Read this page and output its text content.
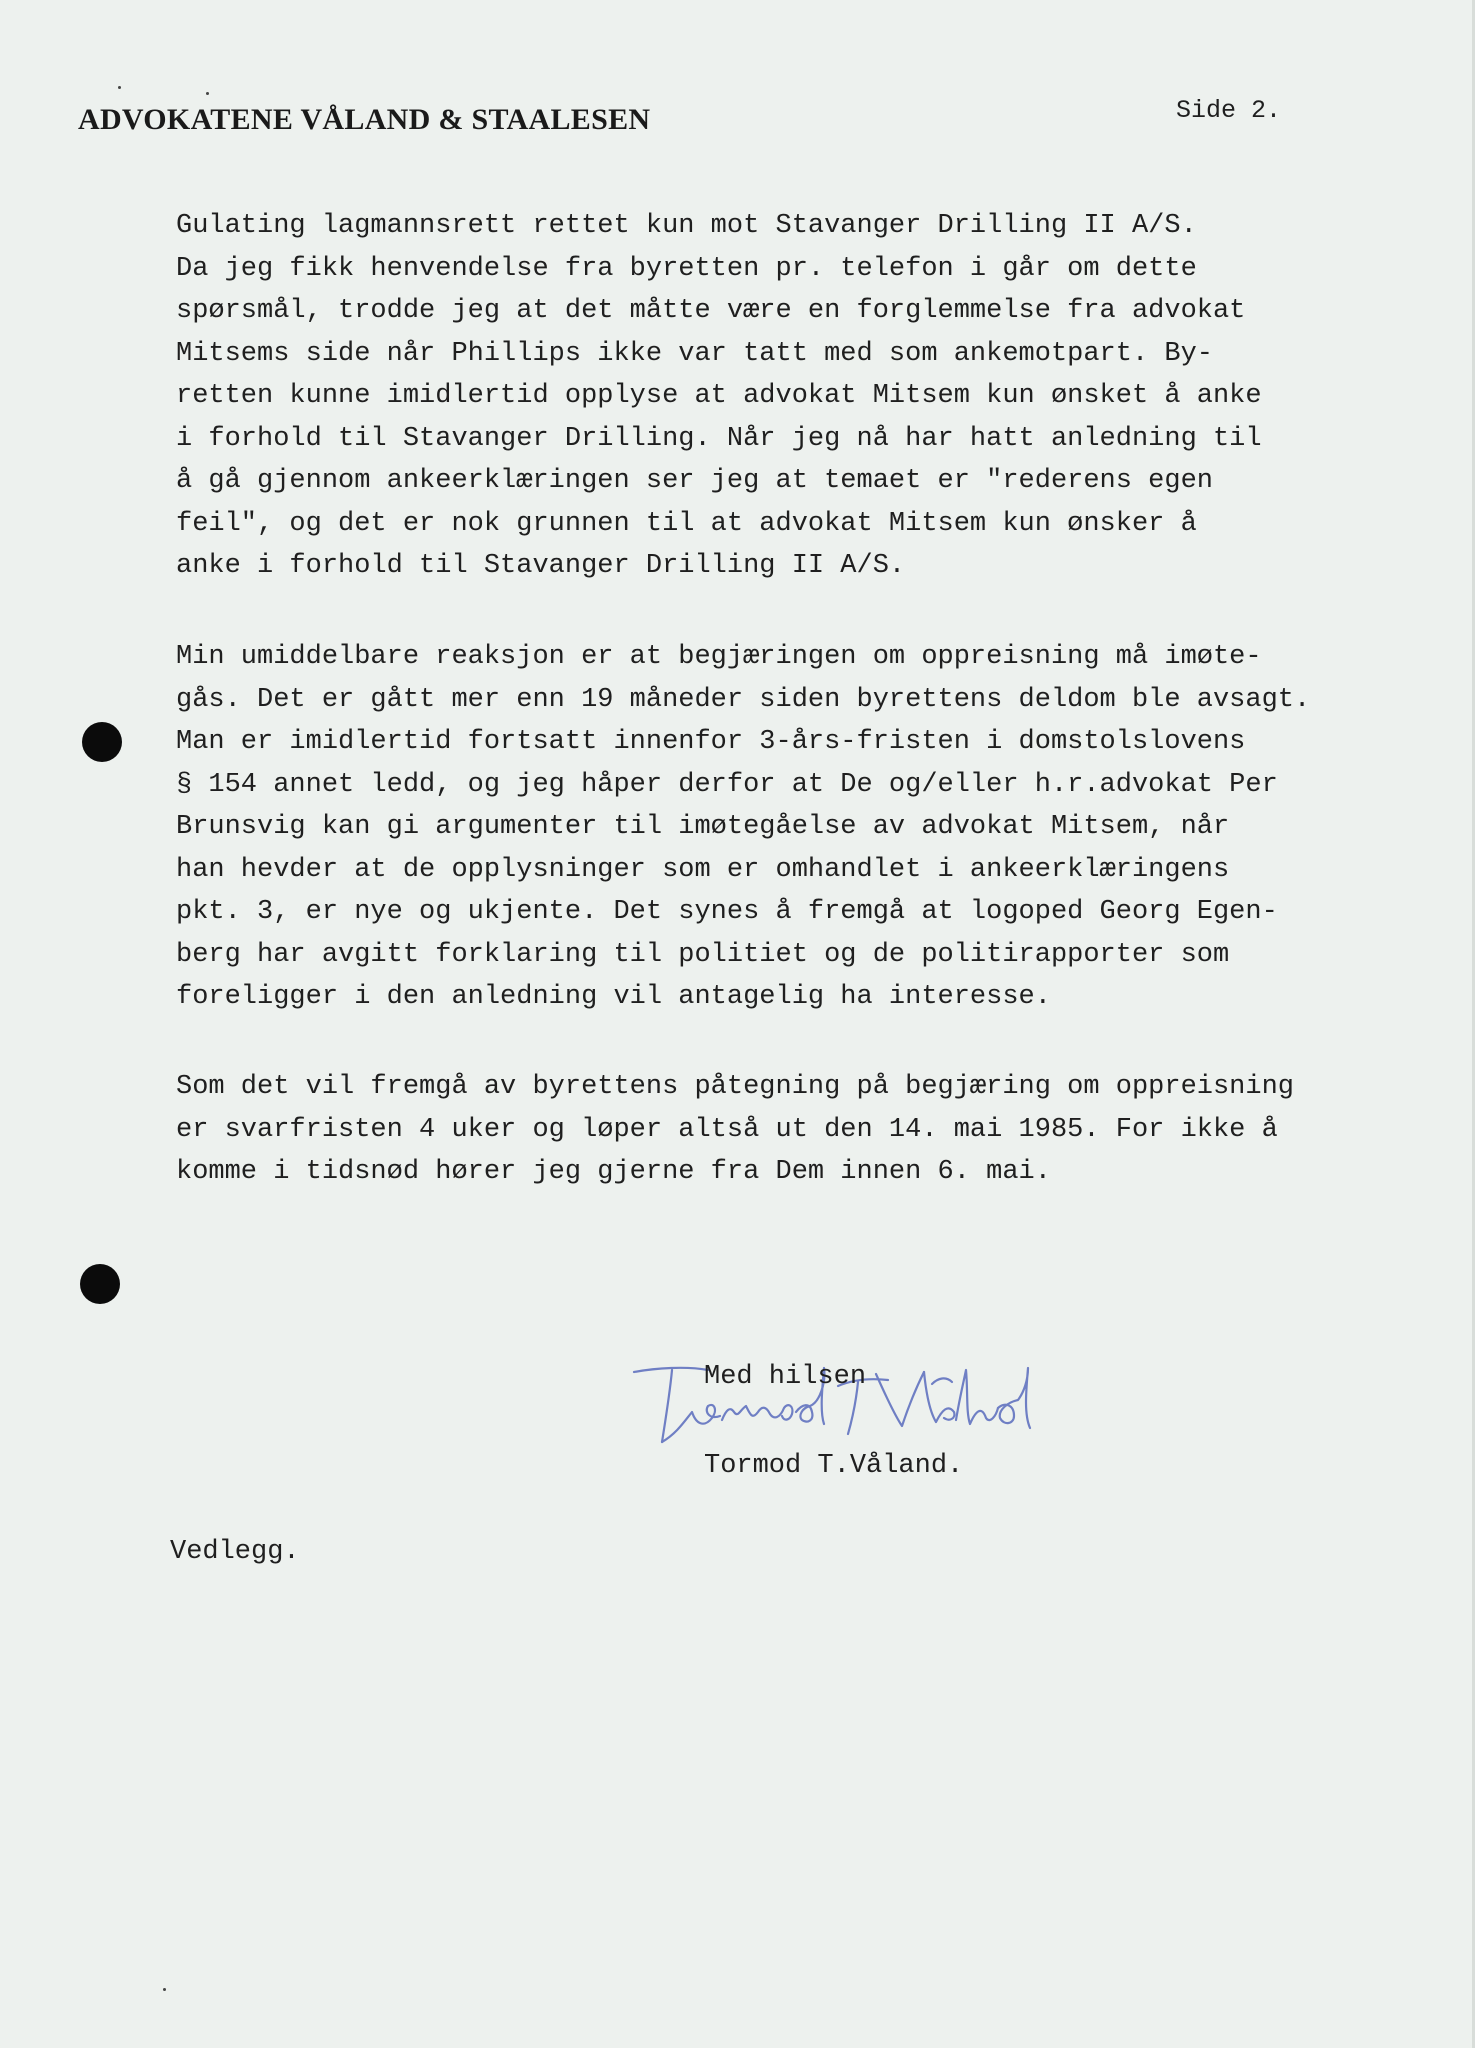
ADVOKATENE VÅLAND & STAALESEN	Side 2.
Gulating lagmannsrett rettet kun mot Stavanger Drilling II A/S.
Da jeg fikk henvendelse fra byretten pr. telefon i går om dette
spørsmål, trodde jeg at det måtte være en forglemmelse fra advokat
Mitsems side når Phillips ikke var tatt med som ankemotpart. By-
retten kunne imidlertid opplyse at advokat Mitsem kun ønsket å anke
i forhold til Stavanger Drilling. Når jeg nå har hatt anledning til
å gå gjennom ankeerklæringen ser jeg at temaet er "rederens egen
feil", og det er nok grunnen til at advokat Mitsem kun ønsker å
anke i forhold til Stavanger Drilling II A/S.
Min umiddelbare reaksjon er at begjæringen om oppreisning må imøte-
gås. Det er gått mer enn 19 måneder siden byrettens deldom ble avsagt.
Man er imidlertid fortsatt innenfor 3-års-fristen i domstolslovens
§ 154 annet ledd, og jeg håper derfor at De og/eller h.r.advokat Per
Brunsvig kan gi argumenter til imøtegåelse av advokat Mitsem, når
han hevder at de opplysninger som er omhandlet i ankeerklæringens
pkt. 3, er nye og ukjente. Det synes å fremgå at logoped Georg Egen-
berg har avgitt forklaring til politiet og de politirapporter som
foreligger i den anledning vil antagelig ha interesse.
Som det vil fremgå av byrettens påtegning på begjæring om oppreisning
er svarfristen 4 uker og løper altså ut den 14. mai 1985. For ikke å
komme i tidsnød hører jeg gjerne fra Dem innen 6. mai.
Med hilsen
Tormod T.Våland.
Vedlegg.
